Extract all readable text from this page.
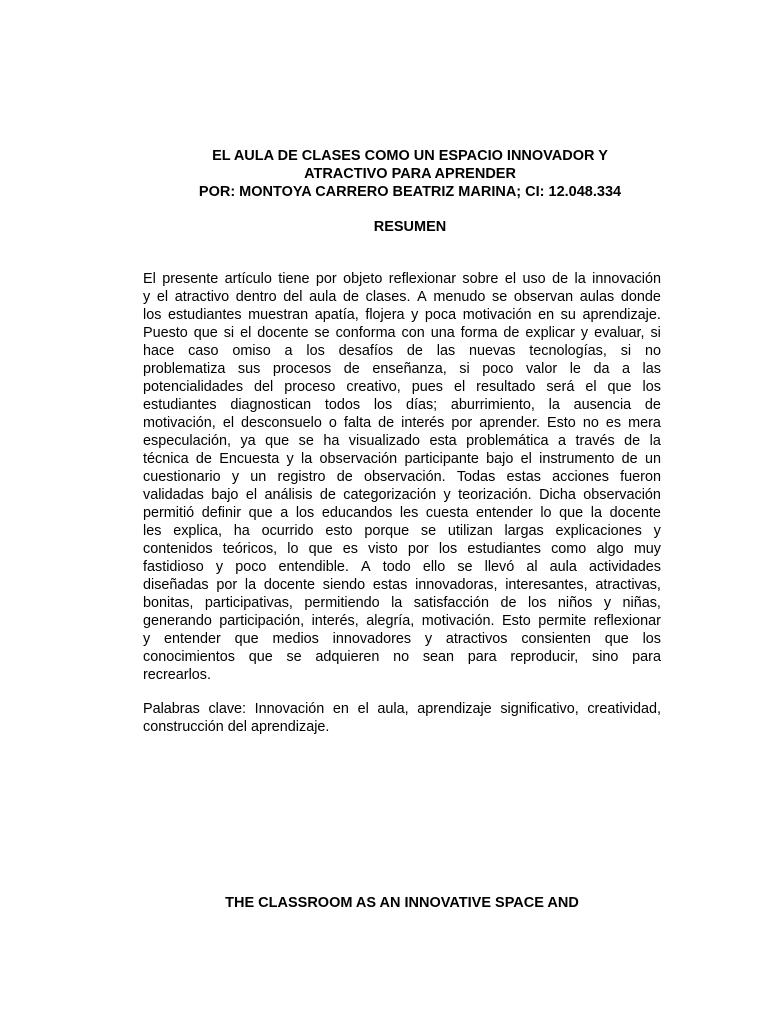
EL AULA DE CLASES COMO UN ESPACIO INNOVADOR Y
ATRACTIVO PARA APRENDER
POR: MONTOYA CARRERO BEATRIZ MARINA; CI: 12.048.334
RESUMEN
El presente artículo tiene por objeto reflexionar sobre el uso de la innovación
y el atractivo dentro del aula de clases. A menudo se observan aulas donde
los estudiantes muestran apatía, flojera y poca motivación en su aprendizaje.
Puesto que si el docente se conforma con una forma de explicar y evaluar, si
hace caso omiso a los desafíos de las nuevas tecnologías, si no
problematiza sus procesos de enseñanza, si poco valor le da a las
potencialidades del proceso creativo, pues el resultado será el que los
estudiantes diagnostican todos los días; aburrimiento, la ausencia de
motivación, el desconsuelo o falta de interés por aprender. Esto no es mera
especulación, ya que se ha visualizado esta problemática a través de la
técnica de Encuesta y la observación participante bajo el instrumento de un
cuestionario y un registro de observación. Todas estas acciones fueron
validadas bajo el análisis de categorización y teorización. Dicha observación
permitió definir que a los educandos les cuesta entender lo que la docente
les explica, ha ocurrido esto porque se utilizan largas explicaciones y
contenidos teóricos, lo que es visto por los estudiantes como algo muy
fastidioso y poco entendible. A todo ello se llevó al aula actividades
diseñadas por la docente siendo estas innovadoras, interesantes, atractivas,
bonitas, participativas, permitiendo la satisfacción de los niños y niñas,
generando participación, interés, alegría, motivación. Esto permite reflexionar
y entender que medios innovadores y atractivos consienten que los
conocimientos que se adquieren no sean para reproducir, sino para
recrearlos.
Palabras clave: Innovación en el aula, aprendizaje significativo, creatividad,
construcción del aprendizaje.
THE CLASSROOM AS AN INNOVATIVE SPACE AND
